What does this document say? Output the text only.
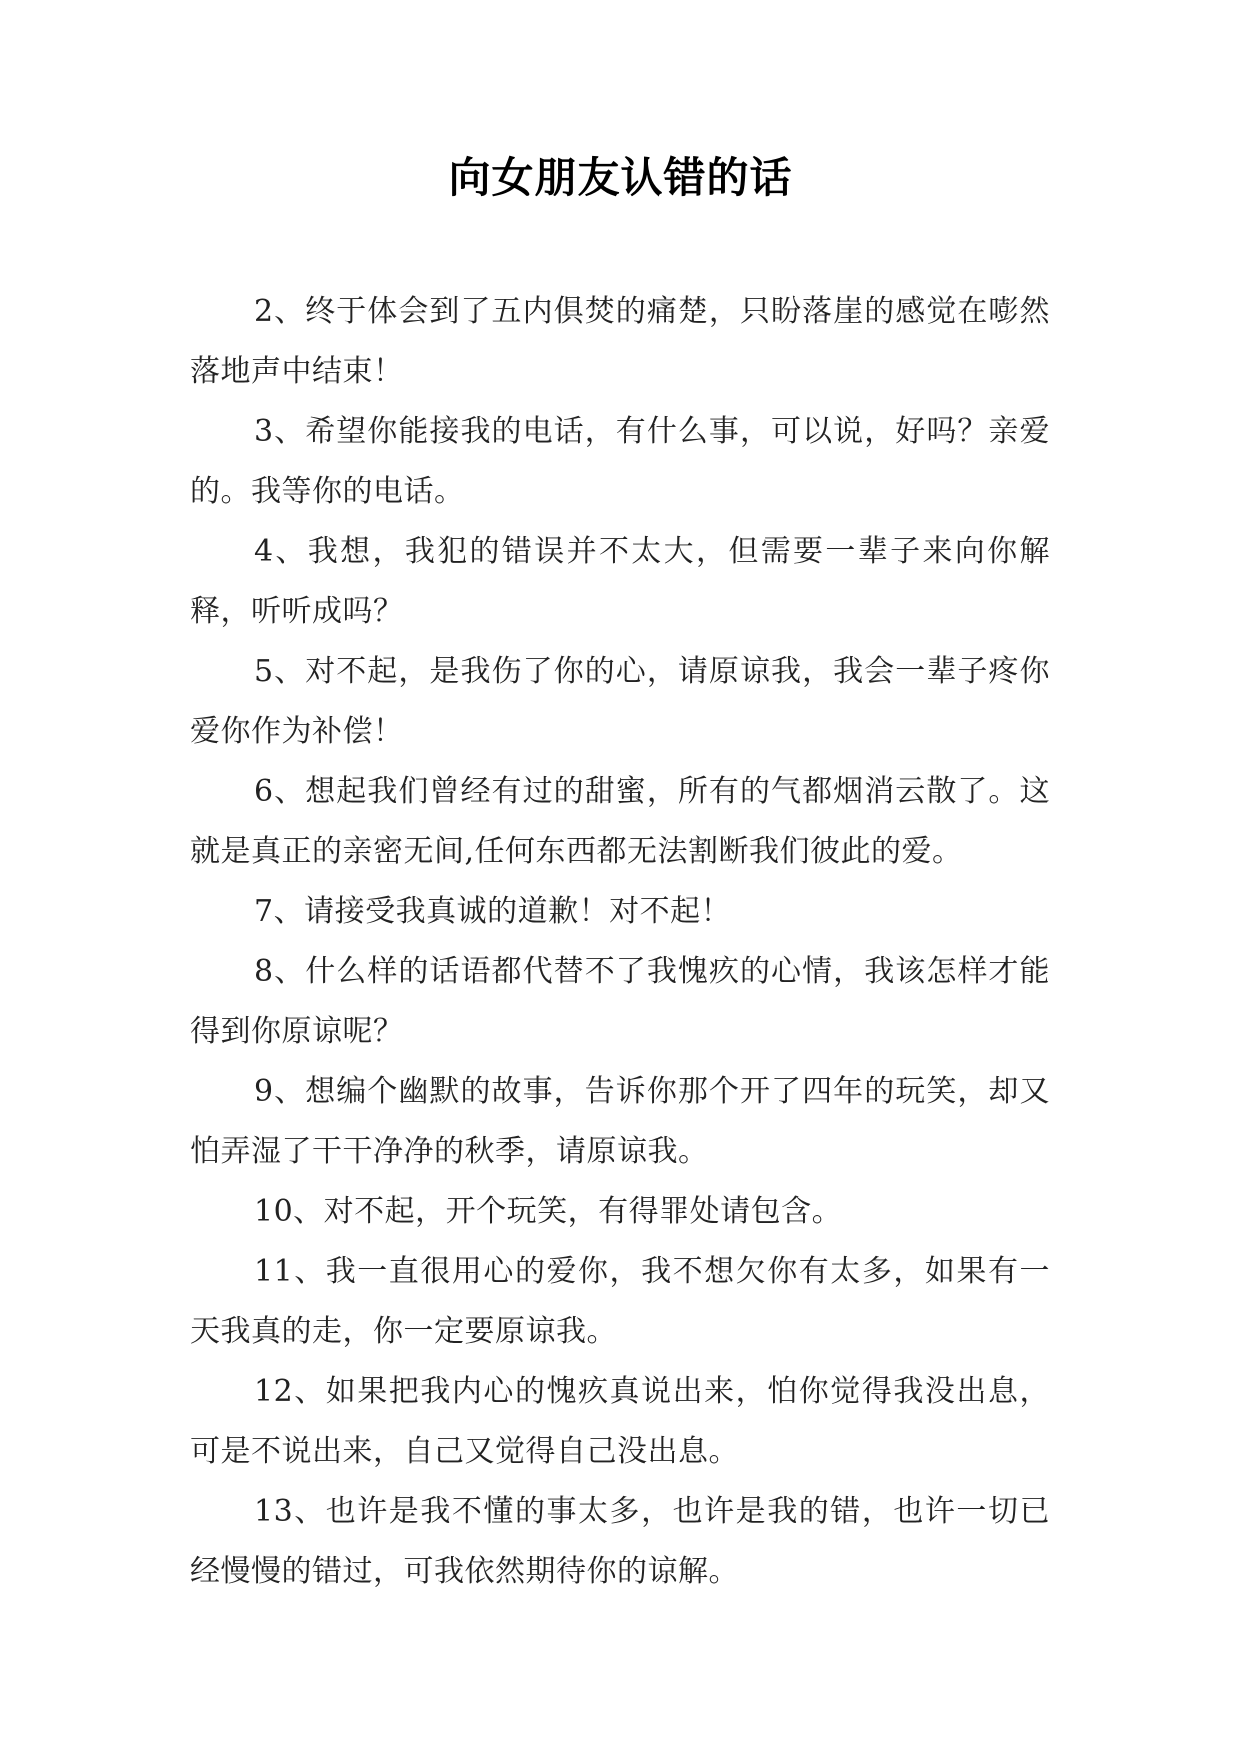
向女朋友认错的话

2、终于体会到了五内俱焚的痛楚，只盼落崖的感觉在嘭然落地声中结束！

3、希望你能接我的电话，有什么事，可以说，好吗？亲爱的。我等你的电话。

4、我想，我犯的错误并不太大，但需要一辈子来向你解释，听听成吗？

5、对不起，是我伤了你的心，请原谅我，我会一辈子疼你爱你作为补偿！

6、想起我们曾经有过的甜蜜，所有的气都烟消云散了。这就是真正的亲密无间,任何东西都无法割断我们彼此的爱。

7、请接受我真诚的道歉！对不起！

8、什么样的话语都代替不了我愧疚的心情，我该怎样才能得到你原谅呢？

9、想编个幽默的故事，告诉你那个开了四年的玩笑，却又怕弄湿了干干净净的秋季，请原谅我。

10、对不起，开个玩笑，有得罪处请包含。

11、我一直很用心的爱你，我不想欠你有太多，如果有一天我真的走，你一定要原谅我。

12、如果把我内心的愧疚真说出来，怕你觉得我没出息，可是不说出来，自己又觉得自己没出息。

13、也许是我不懂的事太多，也许是我的错，也许一切已经慢慢的错过，可我依然期待你的谅解。
